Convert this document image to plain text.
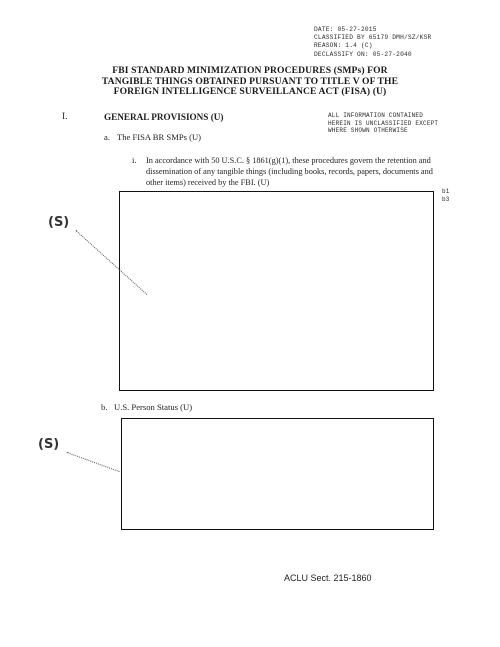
DATE: 05-27-2015
CLASSIFIED BY 65179 DMH/SZ/KSR
REASON: 1.4 (C)
DECLASSIFY ON: 05-27-2040
FBI STANDARD MINIMIZATION PROCEDURES (SMPs) FOR
TANGIBLE THINGS OBTAINED PURSUANT TO TITLE V OF THE
FOREIGN INTELLIGENCE SURVEILLANCE ACT (FISA) (U)
I.	GENERAL PROVISIONS (U)	ALL INFORMATION CONTAINED
HEREIN IS UNCLASSIFIED EXCEPT
WHERE SHOWN OTHERWISE
a. The FISA BR SMPs (U)
i. In accordance with 50 U.S.C. § 1861(g)(1), these procedures govern the retention and dissemination of any tangible things (including books, records, papers, documents and other items) received by the FBI. (U)
b1
b3
(S)
b. U.S. Person Status (U)
(S)
ACLU Sect. 215-1860
